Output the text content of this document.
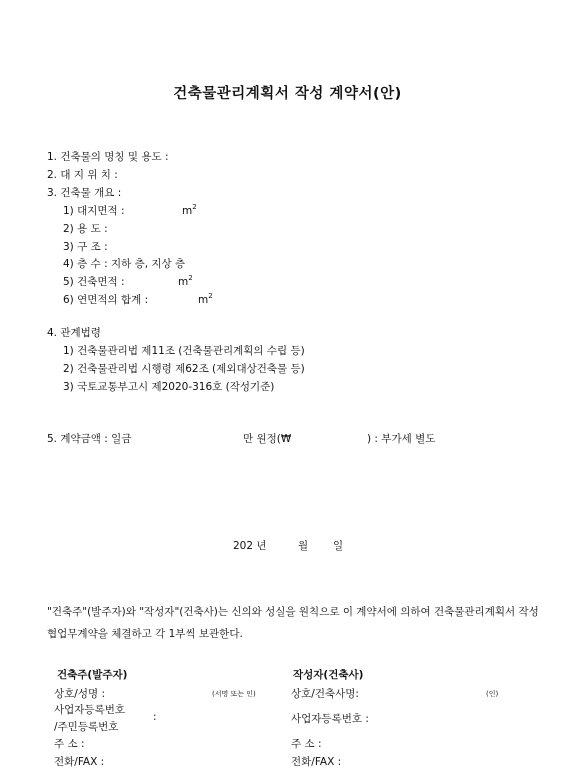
건축물관리계획서 작성 계약서(안)
1. 건축물의 명칭 및 용도 :
2. 대 지 위 치 :
3. 건축물 개요 :
1) 대지면적 :	$m^2$
2) 용 도 :
3) 구 조 :
4) 층 수 : 지하 층, 지상 층
5) 건축면적 :	$m^2$
6) 연면적의 합계 :	$m^2$
4. 관계법령
1) 건축물관리법 제11조 (건축물관리계획의 수립 등)
2) 건축물관리법 시행령 제62조 (제외대상건축물 등)
3) 국토교통부고시 제2020-316호 (작성기준)
5. 계약금액 : 일금	만 원정(₩	) : 부가세 별도
202 년	월 일
"건축주"(발주자)와 "작성자"(건축사)는 신의와 성실을 원칙으로 이 계약서에 의하여 건축물관리계획서 작성 협업무계약을 체결하고 각 1부씩 보관한다.
건축주(발주자)
상호/성명 :	(서명 또는 인)
사업자등록번호
/주민등록번호
:
주 소 :
전화/FAX :
작성자(건축사)
상호/건축사명:	(인)
사업자등록번호 :
주 소 :
전화/FAX :
